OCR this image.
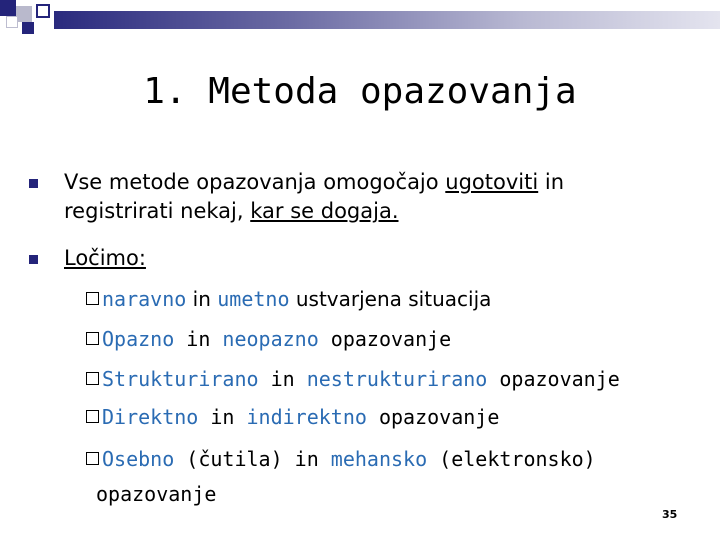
1. Metoda opazovanja
Vse metode opazovanja omogočajo ugotoviti in
registrirati nekaj, kar se dogaja.
Ločimo:
naravno in umetno ustvarjena situacija
Opazno in neopazno opazovanje
Strukturirano in nestrukturirano opazovanje
Direktno in indirektno opazovanje
Osebno (čutila) in mehansko (elektronsko)
opazovanje
35
